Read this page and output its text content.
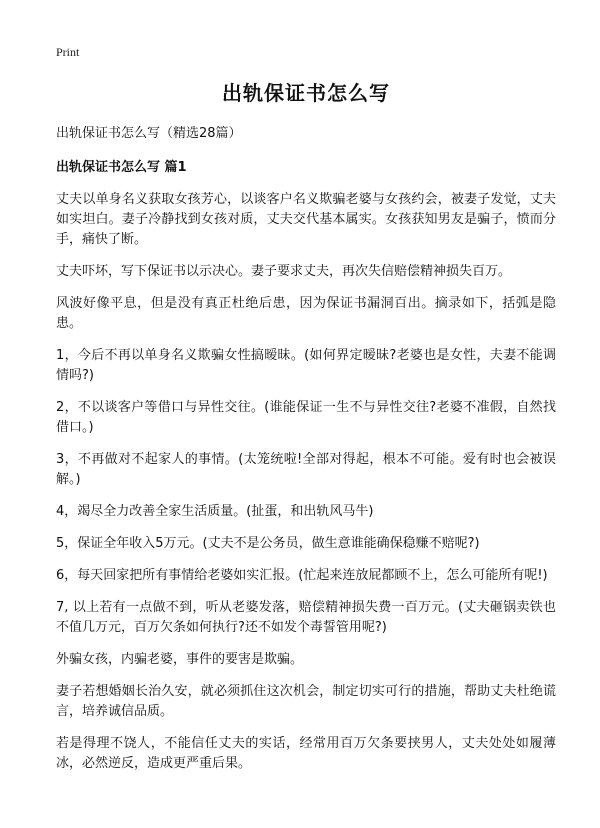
Print
出轨保证书怎么写
出轨保证书怎么写（精选28篇）
出轨保证书怎么写 篇1
丈夫以单身名义获取女孩芳心，以谈客户名义欺骗老婆与女孩约会，被妻子发觉，丈夫如实坦白。妻子冷静找到女孩对质，丈夫交代基本属实。女孩获知男友是骗子，愤而分手，痛快了断。
丈夫吓坏，写下保证书以示决心。妻子要求丈夫，再次失信赔偿精神损失百万。
风波好像平息，但是没有真正杜绝后患，因为保证书漏洞百出。摘录如下，括弧是隐患。
1，今后不再以单身名义欺骗女性搞暧昧。(如何界定暧昧?老婆也是女性，夫妻不能调情吗?)
2，不以谈客户等借口与异性交往。(谁能保证一生不与异性交往?老婆不准假，自然找借口。)
3，不再做对不起家人的事情。(太笼统啦!全部对得起，根本不可能。爱有时也会被误解。)
4，竭尽全力改善全家生活质量。(扯蛋，和出轨风马牛)
5，保证全年收入5万元。(丈夫不是公务员，做生意谁能确保稳赚不赔呢?)
6，每天回家把所有事情给老婆如实汇报。(忙起来连放屁都顾不上，怎么可能所有呢!)
7, 以上若有一点做不到，听从老婆发落，赔偿精神损失费一百万元。(丈夫砸锅卖铁也不值几万元，百万欠条如何执行?还不如发个毒誓管用呢?)
外骗女孩，内骗老婆，事件的要害是欺骗。
妻子若想婚姻长治久安，就必须抓住这次机会，制定切实可行的措施，帮助丈夫杜绝谎言，培养诚信品质。
若是得理不饶人，不能信任丈夫的实话，经常用百万欠条要挟男人，丈夫处处如履薄冰，必然逆反，造成更严重后果。
